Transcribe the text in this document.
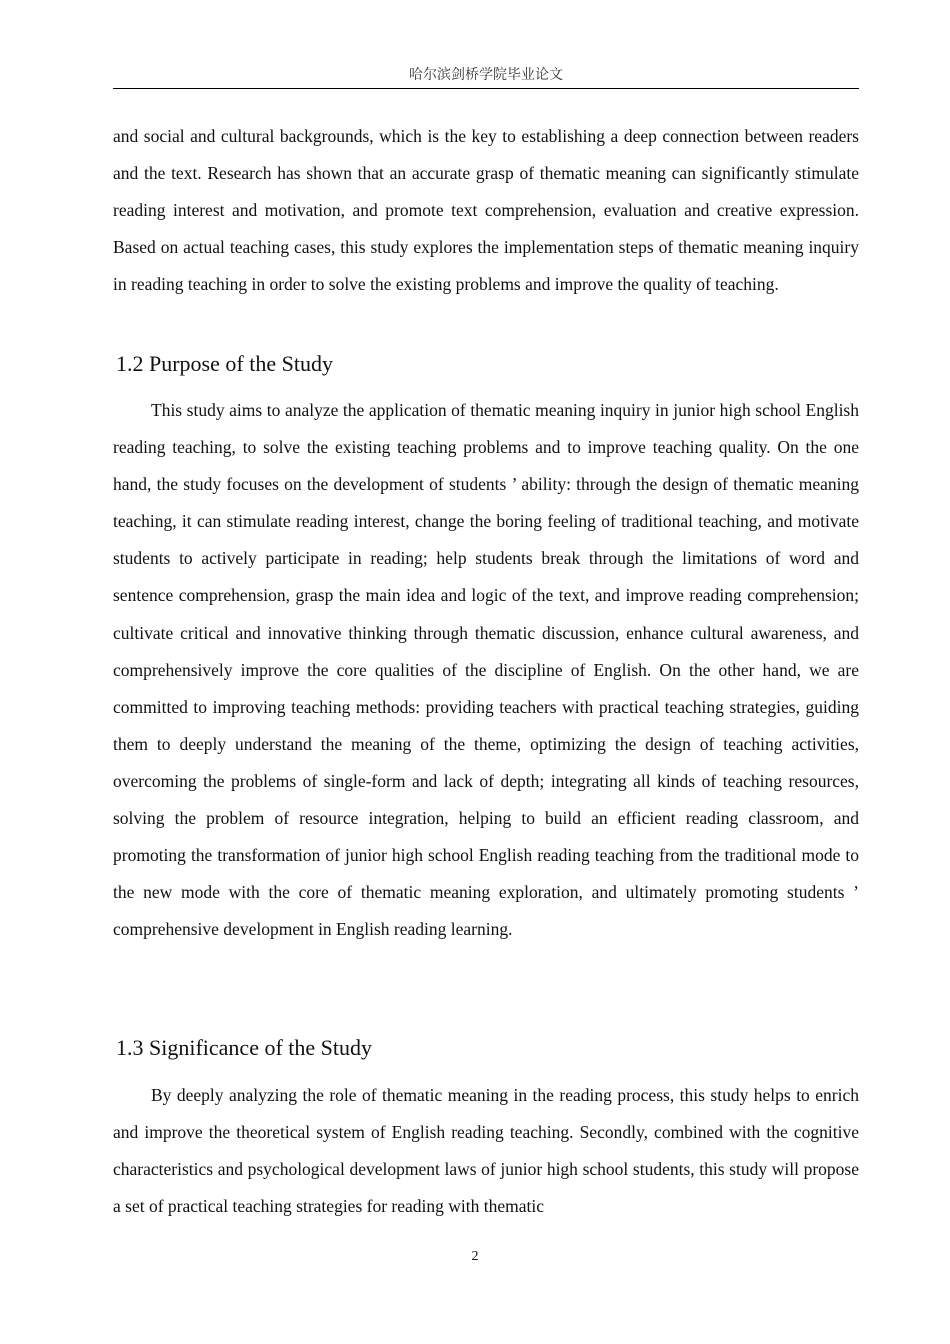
哈尔滨剑桥学院毕业论文

and social and cultural backgrounds, which is the key to establishing a deep connection between readers and the text. Research has shown that an accurate grasp of thematic meaning can significantly stimulate reading interest and motivation, and promote text comprehension, evaluation and creative expression. Based on actual teaching cases, this study explores the implementation steps of thematic meaning inquiry in reading teaching in order to solve the existing problems and improve the quality of teaching.

1.2 Purpose of the Study

This study aims to analyze the application of thematic meaning inquiry in junior high school English reading teaching, to solve the existing teaching problems and to improve teaching quality. On the one hand, the study focuses on the development of students ’ ability: through the design of thematic meaning teaching, it can stimulate reading interest, change the boring feeling of traditional teaching, and motivate students to actively participate in reading; help students break through the limitations of word and sentence comprehension, grasp the main idea and logic of the text, and improve reading comprehension; cultivate critical and innovative thinking through thematic discussion, enhance cultural awareness, and comprehensively improve the core qualities of the discipline of English. On the other hand, we are committed to improving teaching methods: providing teachers with practical teaching strategies, guiding them to deeply understand the meaning of the theme, optimizing the design of teaching activities, overcoming the problems of single-form and lack of depth; integrating all kinds of teaching resources, solving the problem of resource integration, helping to build an efficient reading classroom, and promoting the transformation of junior high school English reading teaching from the traditional mode to the new mode with the core of thematic meaning exploration, and ultimately promoting students ’ comprehensive development in English reading learning.

1.3 Significance of the Study

By deeply analyzing the role of thematic meaning in the reading process, this study helps to enrich and improve the theoretical system of English reading teaching. Secondly, combined with the cognitive characteristics and psychological development laws of junior high school students, this study will propose a set of practical teaching strategies for reading with thematic

2
